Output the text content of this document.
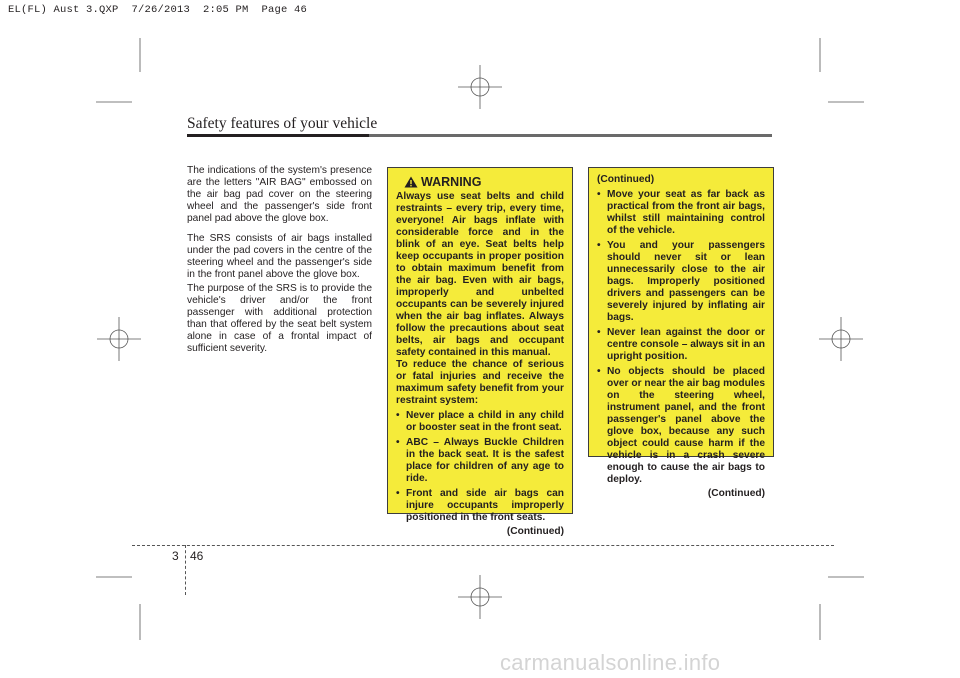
EL(FL) Aust 3.QXP  7/26/2013  2:05 PM  Page 46
Safety features of your vehicle

The indications of the system's presence are the letters "AIR BAG" embossed on the air bag pad cover on the steering wheel and the passenger's side front panel pad above the glove box.

The SRS consists of air bags installed under the pad covers in the centre of the steering wheel and the passenger's side in the front panel above the glove box.

The purpose of the SRS is to provide the vehicle's driver and/or the front passenger with additional protection than that offered by the seat belt system alone in case of a frontal impact of sufficient severity.

WARNING

Always use seat belts and child restraints – every trip, every time, everyone! Air bags inflate with considerable force and in the blink of an eye. Seat belts help keep occupants in proper position to obtain maximum benefit from the air bag. Even with air bags, improperly and unbelted occupants can be severely injured when the air bag inflates. Always follow the precautions about seat belts, air bags and occupant safety contained in this manual.

To reduce the chance of serious or fatal injuries and receive the maximum safety benefit from your restraint system:

• Never place a child in any child or booster seat in the front seat.
• ABC – Always Buckle Children in the back seat. It is the safest place for children of any age to ride.
• Front and side air bags can injure occupants improperly positioned in the front seats.
(Continued)
(Continued)
• Move your seat as far back as practical from the front air bags, whilst still maintaining control of the vehicle.
• You and your passengers should never sit or lean unnecessarily close to the air bags. Improperly positioned drivers and passengers can be severely injured by inflating air bags.
• Never lean against the door or centre console – always sit in an upright position.
• No objects should be placed over or near the air bag modules on the steering wheel, instrument panel, and the front passenger's panel above the glove box, because any such object could cause harm if the vehicle is in a crash severe enough to cause the air bags to deploy.
(Continued)
3 46
carmanualsonline.info
